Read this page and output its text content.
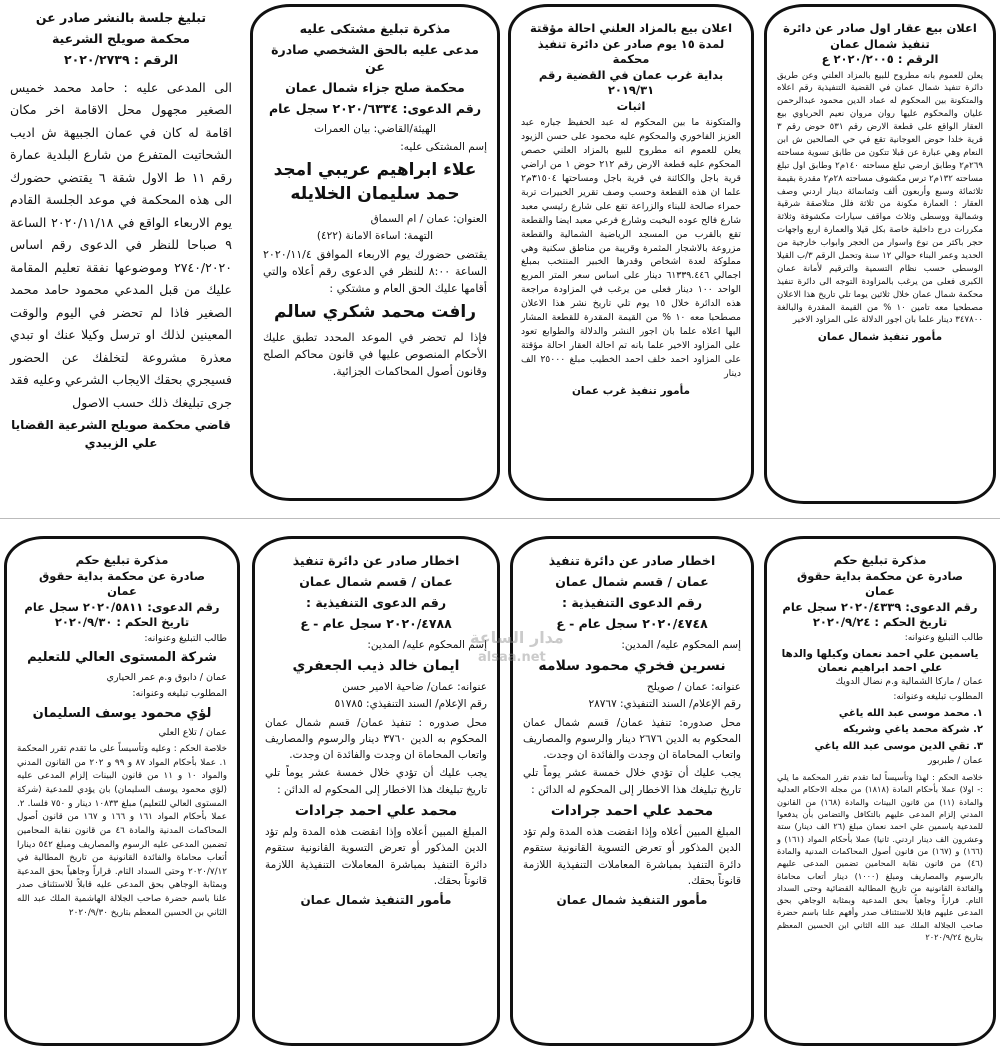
تبليغ جلسة بالنشر صادر عن
محكمة صويلح الشرعية
الرقم : ٢٠٢٠/٢٧٣٩
الى المدعى عليه : حامد محمد خميس الصغير مجهول محل الاقامة اخر مكان اقامة له كان في عمان الجبيهة ش اديب الشحاتيت المتفرع من شارع البلدية عمارة رقم ١١ ط الاول شقة ٦ يقتضي حضورك الى هذه المحكمة في موعد الجلسة القادم يوم الاربعاء الواقع في ٢٠٢٠/١١/١٨ الساعة ٩ صباحا للنظر في الدعوى رقم اساس ٢٧٤٠/٢٠٢٠ وموضوعها نفقة تعليم المقامة عليك من قبل المدعي محمود حامد محمد الصغير فاذا لم تحضر في اليوم والوقت المعينين لذلك او ترسل وكيلا عنك او تبدي معذرة مشروعة لتخلفك عن الحضور فسيجري بحقك الايجاب الشرعي وعليه فقد جرى تبليغك ذلك حسب الاصول
قاضي محكمة صويلح الشرعية القضايا
علي الزبيدي
مذكرة تبليغ مشتكى عليه
مدعى عليه بالحق الشخصي صادرة عن
محكمة صلح جزاء شمال عمان
رقم الدعوى: ٢٠٢٠/٦٣٣٤ سجل عام
الهيئة/القاضي: بيان العمرات
إسم المشتكى عليه:
علاء ابراهيم عريبي امجد حمد سليمان الخلايله
العنوان: عمان / ام السماق
التهمة: اساءة الامانة (٤٢٢)
يقتضى حضورك يوم الاربعاء الموافق ٢٠٢٠/١١/٤ الساعة ٨:٠٠ للنظر في الدعوى رقم أعلاه والتي أقامها عليك الحق العام و مشتكي :
رافت محمد شكري سالم
فإذا لم تحضر في الموعد المحدد تطبق عليك الأحكام المنصوص عليها في قانون محاكم الصلح وقانون أصول المحاكمات الجزائية.
اعلان بيع بالمزاد العلني احالة مؤقتة
لمدة ١٥ يوم صادر عن دائرة تنفيذ محكمة
بداية غرب عمان في القضية رقم ٢٠١٩/٣١
اثبات
والمتكونة ما بين المحكوم له عبد الحفيظ جباره عبد العزيز الفاخوري والمحكوم عليه محمود على حسن الزيود يعلن للعموم انه مطروح للبيع بالمزاد العلني حصص المحكوم عليه قطعة الارض رقم ٢١٢ حوض ١ من اراضي قرية باجل والكائنة في قرية باجل ومساحتها ٣١٥٠٤م٢ علما ان هذه القطعة وحسب وصف تقرير الخبيرات تربة حمراء صالحة للبناء والزراعة تقع على شارع رئيسي معبد شارع فالح عوده البخيت وشارع فرعي معبد ايضا والقطعة تقع بالقرب من المسجد الرياضية الشمالية والقطعة مزروعة بالاشجار المثمرة وقريبة من مناطق سكنية وهي مملوكة لعدة اشخاص وقدرها الخبير المنتخب بمبلغ اجمالي ٦١٣٣٩.٤٤٦ دينار على اساس سعر المتر المربع الواحد ١٠٠ دينار فعلى من يرغب في المزاودة مراجعة هذه الدائرة خلال ١٥ يوم تلي تاريخ نشر هذا الاعلان مصطحبا معه ١٠ % من القيمة المقدرة للقطعة المشار اليها اعلاه علما بان اجور النشر والدلالة والطوابع تعود على المزاود الاخير علما بانه تم احالة العقار احالة مؤقتة على المزاود احمد خلف احمد الخطيب مبلغ ٢٥٠٠٠ الف دينار
مأمور تنفيذ غرب عمان
اعلان بيع عقار اول صادر عن دائرة
تنفيذ شمال عمان
الرقم : ٢٠٢٠/٢٠٠٥ ع
يعلن للعموم بانه مطروح للبيع بالمزاد العلني وعن طريق دائرة تنفيذ شمال عمان في القضية التنفيذية رقم اعلاه والمتكونة بين المحكوم له عماد الدين محمود عبدالرحمن عليان والمحكوم عليها روان مروان نعيم الحرباوي بيع العقار الواقع على قطعة الارض رقم ٥٣١ حوض رقم ٣ قرية خلدا حوض العوجانية تقع في حي الصالحين ش ابن النعام وهي عبارة عن قبلا تتكون من طابق تسوية مساحته ٢٦٩م٢ وطابق ارضي تبلغ مساحته ١٤٠م٢ وطابق اول تبلغ مساحته ١٣٢م٢ ترس مكشوف مساحته ٢٨م٢ مقدرة بقيمة ثلاثمائة وسبع وأربعون ألف وثمانمائة دينار اردني وصف العقار : العمارة مكونة من ثلاثة فلل متلاصقة شرقية وشمالية ووسطى وثلاث مواقف سيارات مكشوفة وثلاثة مكررات درج داخلية خاصة بكل قيلا والعمارة اربع واجهات حجر باكثر من نوع واسوار من الحجر وابواب خارجية من الحديد وعمر البناء حوالي ١٢ سنة وتحمل الرقم ٣/ب القيلا الوسطى حسب نظام التسمية والترقيم لأمانة عمان الكبرى فعلى من يرغب بالمزاودة التوجه الى دائرة تنفيذ محكمة شمال عمان خلال ثلاثين يوما تلي تاريخ هذا الاعلان مصطحبا معه تامين ١٠ % من القيمة المقدرة والبالغة ٣٤٧٨٠٠ دينار علما بان اجور الدلالة على المزاود الاخير
مأمور تنفيذ شمال عمان
مذكرة تبليغ حكم
صادرة عن محكمة بداية حقوق
عمان
رقم الدعوى: ٢٠٢٠/٥٨١١ سجل عام
تاريخ الحكم : ٢٠٢٠/٩/٣٠
طالب التبليغ وعنوانه:
شركة المستوى العالي للتعليم
عمان / دابوق و.م عمر الحياري
المطلوب تبليغه وعنوانه:
لؤي محمود يوسف السليمان
عمان / تلاع العلي
خلاصة الحكم : وعليه وتأسيساً على ما تقدم تقرر المحكمة ١. عملا بأحكام المواد ٨٧ و ٩٩ و ٢٠٢ من القانون المدني والمواد ١٠ و ١١ من قانون البينات إلزام المدعى عليه (لؤي محمود يوسف السليمان) بان يؤدي للمدعية (شركة المستوى العالي للتعليم) مبلغ ١٠٨٣٣ دينار و ٧٥٠ فلسا. ٢. عملا بأحكام المواد ١٦١ و ١٦٦ و ١٦٧ من قانون أصول المحاكمات المدنية والمادة ٤٦ من قانون نقابة المحامين تضمين المدعى عليه الرسوم والمصاريف ومبلغ ٥٤٢ دينارا أتعاب محاماة والفائدة القانونية من تاريخ المطالبة في ٢٠٢٠/٧/١٢ وحتى السداد التام. قراراً وجاهياً بحق المدعية وبمثابة الوجاهي بحق المدعى عليه قابلاً للاستئناف صدر علنا باسم حضرة صاحب الجلالة الهاشمية الملك عبد الله الثاني بن الحسين المعظم بتاريخ ٢٠٢٠/٩/٣٠
اخطار صادر عن دائرة تنفيذ
عمان / قسم شمال عمان
رقم الدعوى التنفيذية :
٢٠٢٠/٤٧٨٨ سجل عام - ع
إسم المحكوم عليه/ المدين:
ايمان خالد ذيب الجعفري
عنوانه: عمان/ ضاحية الامير حسن
رقم الإعلام/ السند التنفيذي: ٥١٧٨٥
محل صدوره : تنفيذ عمان/ قسم شمال عمان المحكوم به الدين ٣٧٦٠ دينار والرسوم والمصاريف واتعاب المحاماة ان وجدت والفائدة ان وجدت.
يجب عليك أن تؤدي خلال خمسة عشر يوماً تلي تاريخ تبليغك هذا الاخطار إلى المحكوم له الدائن :
محمد علي احمد جرادات
المبلغ المبين أعلاه وإذا انقضت هذه المدة ولم تؤد الدين المذكور أو تعرض التسوية القانونية ستقوم دائرة التنفيذ بمباشرة المعاملات التنفيذية اللازمة قانوناً بحقك.
مأمور التنفيذ شمال عمان
اخطار صادر عن دائرة تنفيذ
عمان / قسم شمال عمان
رقم الدعوى التنفيذية :
٢٠٢٠/٤٧٤٨ سجل عام - ع
إسم المحكوم عليه/ المدين:
نسرين فخري محمود سلامه
عنوانه: عمان / صويلح
رقم الإعلام/ السند التنفيذي: ٢٨٧٦٧
محل صدوره: تنفيذ عمان/ قسم شمال عمان المحكوم به الدين ٢٦٧٦ دينار والرسوم والمصاريف واتعاب المحاماة ان وجدت والفائدة ان وجدت.
يجب عليك أن تؤدي خلال خمسة عشر يوماً تلي تاريخ تبليغك هذا الاخطار إلى المحكوم له الدائن :
محمد علي احمد جرادات
المبلغ المبين أعلاه وإذا انقضت هذه المدة ولم تؤد الدين المذكور أو تعرض التسوية القانونية ستقوم دائرة التنفيذ بمباشرة المعاملات التنفيذية اللازمة قانوناً بحقك.
مأمور التنفيذ شمال عمان
مذكرة تبليغ حكم
صادرة عن محكمة بداية حقوق
عمان
رقم الدعوى: ٢٠٢٠/٤٣٣٩ سجل عام
تاريخ الحكم : ٢٠٢٠/٩/٢٤
طالب التبليغ وعنوانه:
ياسمين علي احمد نعمان وكيلها والدها علي احمد ابراهيم نعمان
عمان / ماركا الشمالية و.م نضال الدويك
المطلوب تبليغه وعنوانه:
١. محمد موسى عبد الله ياغي
٢. شركة محمد ياغي وشريكه
٣. تقي الدين موسى عبد الله ياغي
عمان / طبربور
خلاصة الحكم : لهذا وتأسيساً لما تقدم تقرر المحكمة ما يلي :- اولا) عملا بأحكام المادة (١٨١٨) من مجلة الاحكام العدلية والمادة (١١) من قانون البينات والمادة (١٦٨) من القانون المدني إلزام المدعى عليهم بالتكافل والتضامن بأن يدفعوا للمدعية ياسمين علي احمد نعمان مبلغ (٢٦ الف دينار) ستة وعشرون الف دينار اردني. ثانيا) عملا بأحكام المواد (١٦١) و (١٦٦) و (١٦٧) من قانون أصول المحاكمات المدنية والمادة (٤٦) من قانون نقابة المحامين تضمين المدعى عليهم بالرسوم والمصاريف ومبلغ (١٠٠٠) دينار أتعاب محاماة والفائدة القانونية من تاريخ المطالبة القضائية وحتى السداد التام. قراراً وجاهياً بحق المدعية وبمثابة الوجاهي بحق المدعى عليهم قابلا للاستئناف صدر وأفهم علنا باسم حضرة صاحب الجلالة الملك عبد الله الثاني ابن الحسين المعظم بتاريخ ٢٠٢٠/٩/٢٤
مدار الساعة
alsaa.net
